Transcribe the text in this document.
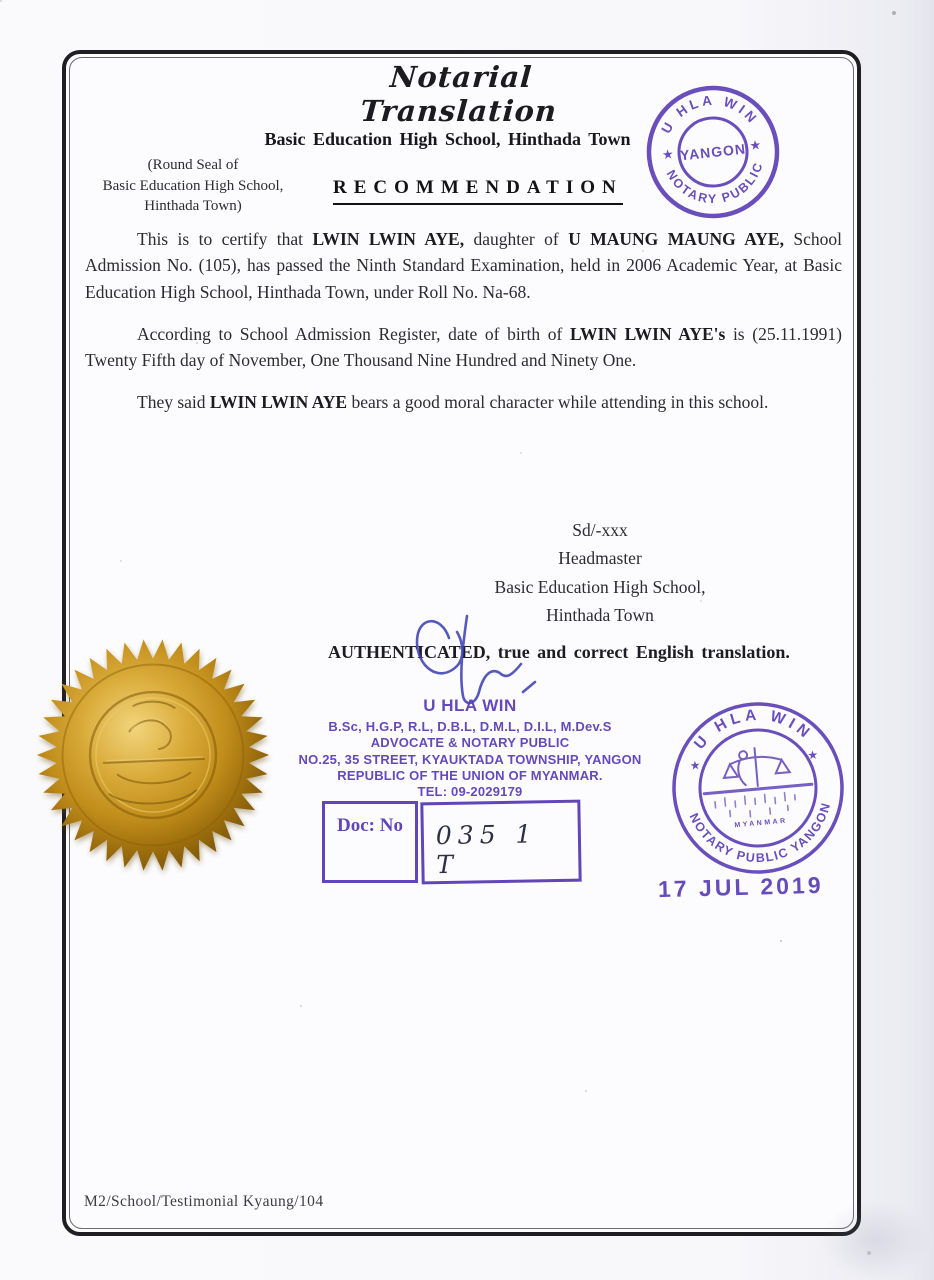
Notarial Translation
Basic Education High School, Hinthada Town
(Round Seal of
Basic Education High School,
Hinthada Town)
RECOMMENDATION

This is to certify that LWIN LWIN AYE, daughter of U MAUNG MAUNG AYE, School Admission No. (105), has passed the Ninth Standard Examination, held in 2006 Academic Year, at Basic Education High School, Hinthada Town, under Roll No. Na-68.

According to School Admission Register, date of birth of LWIN LWIN AYE's is (25.11.1991) Twenty Fifth day of November, One Thousand Nine Hundred and Ninety One.

They said LWIN LWIN AYE bears a good moral character while attending in this school.

Sd/-xxx
Headmaster
Basic Education High School,
Hinthada Town
AUTHENTICATED, true and correct English translation.
U HLA WIN
B.Sc, H.G.P, R.L, D.B.L, D.M.L, D.I.L, M.Dev.S
ADVOCATE & NOTARY PUBLIC
NO.25, 35 STREET, KYAUKTADA TOWNSHIP, YANGON
REPUBLIC OF THE UNION OF MYANMAR.
TEL: 09-2029179
Doc: No	035 1 T
U HLA WIN
NOTARY PUBLIC
★
★
YANGON
U HLA WIN
NOTARY PUBLIC YANGON
★
★
MYANMAR
17 JUL 2019
M2/School/Testimonial Kyaung/104
